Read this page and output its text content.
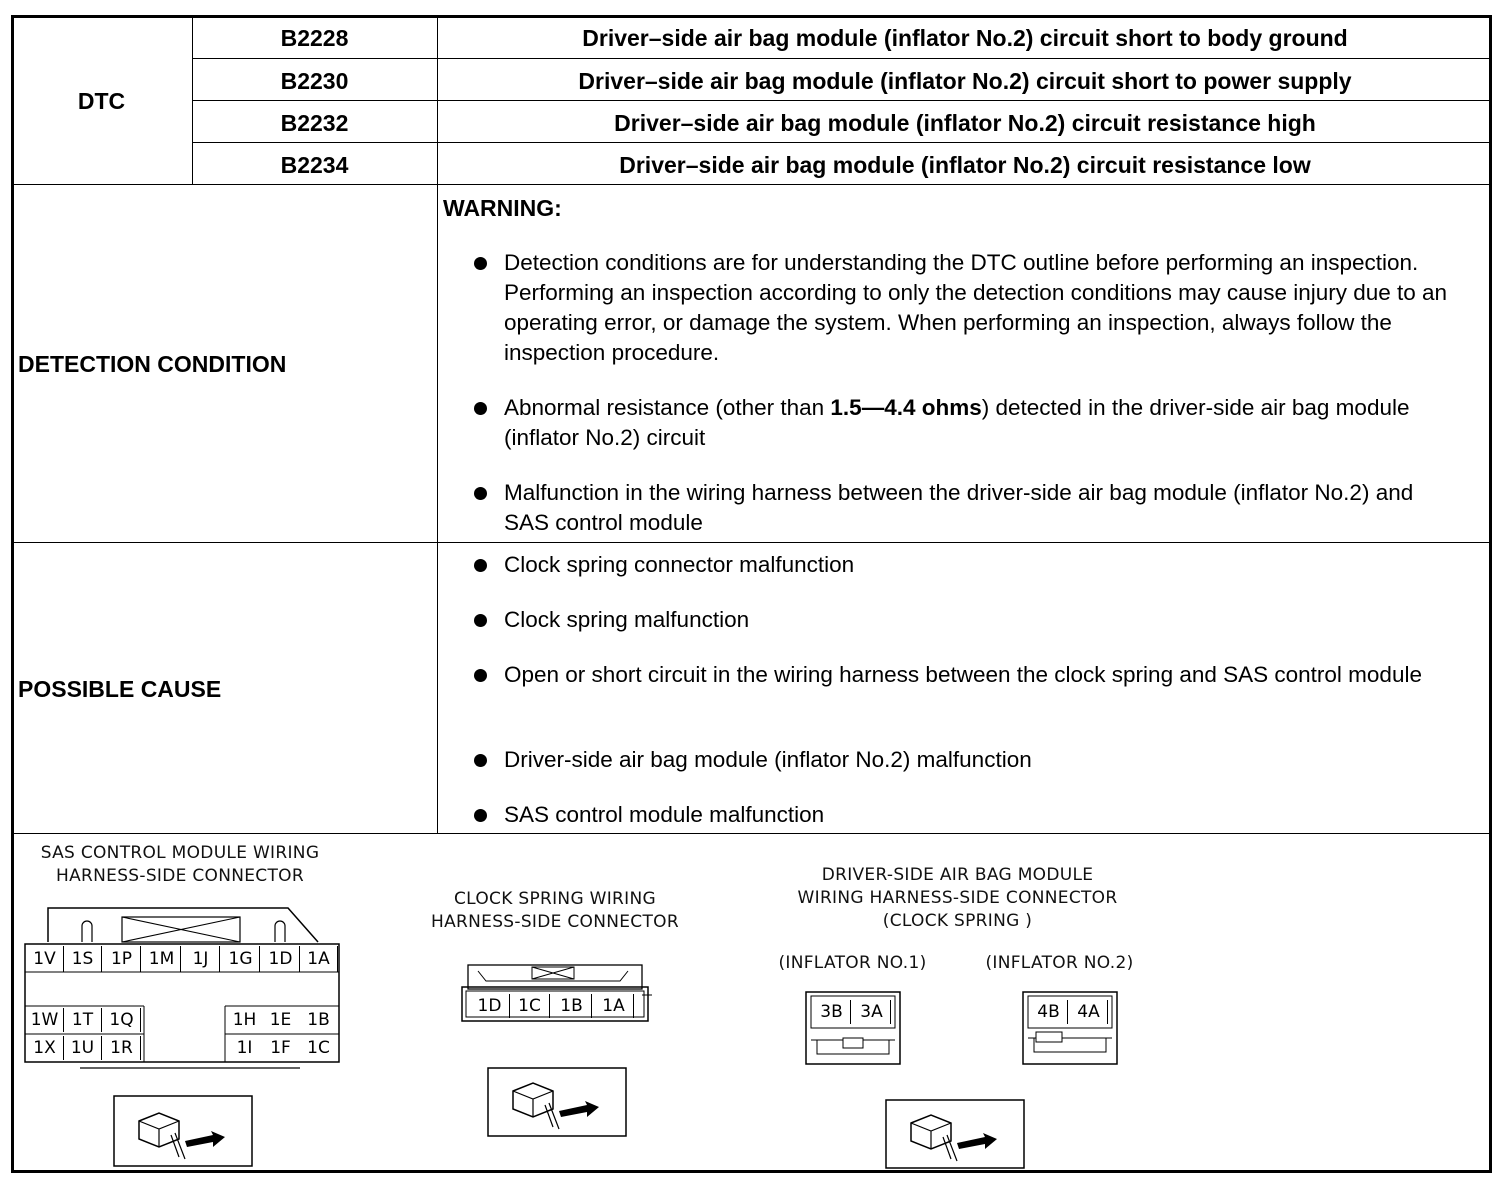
DTC
B2228	Driver–side air bag module (inflator No.2) circuit short to body ground
B2230	Driver–side air bag module (inflator No.2) circuit short to power supply
B2232	Driver–side air bag module (inflator No.2) circuit resistance high
B2234	Driver–side air bag module (inflator No.2) circuit resistance low
DETECTION CONDITION
WARNING:
Detection conditions are for understanding the DTC outline before performing an inspection. Performing an inspection according to only the detection conditions may cause injury due to an operating error, or damage the system. When performing an inspection, always follow the inspection procedure.
Abnormal resistance (other than 1.5—4.4 ohms) detected in the driver-side air bag module (inflator No.2) circuit
Malfunction in the wiring harness between the driver-side air bag module (inflator No.2) and SAS control module
POSSIBLE CAUSE
Clock spring connector malfunction
Clock spring malfunction
Open or short circuit in the wiring harness between the clock spring and SAS control module
Driver-side air bag module (inflator No.2) malfunction
SAS control module malfunction
SAS CONTROL MODULE WIRING
HARNESS-SIDE CONNECTOR
1V 1S	1P 1M	1J	1G 1D 1A
1W 1T 1Q	1H 1E 1B
1X 1U 1R	1I	1F 1C
CLOCK SPRING WIRING
HARNESS-SIDE CONNECTOR
1D 1C	1B	1A
DRIVER-SIDE AIR BAG MODULE
WIRING HARNESS-SIDE CONNECTOR
(CLOCK SPRING )
(INFLATOR NO.1)	(INFLATOR NO.2)
3B	3A	4B	4A
